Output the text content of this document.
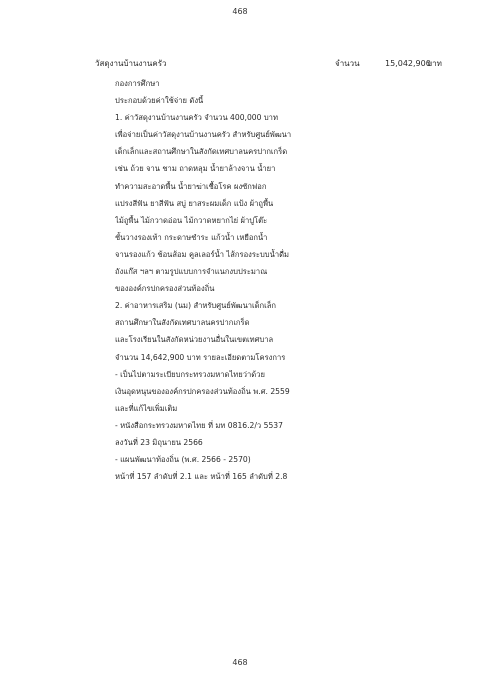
468
วัสดุงานบ้านงานครัว	จำนวน	15,042,900
บาท
กองการศึกษา
ประกอบด้วยค่าใช้จ่าย ดังนี้
1. ค่าวัสดุงานบ้านงานครัว จำนวน 400,000 บาท
เพื่อจ่ายเป็นค่าวัสดุงานบ้านงานครัว สำหรับศูนย์พัฒนา
เด็กเล็กและสถานศึกษาในสังกัดเทศบาลนครปากเกร็ด
เช่น ถ้วย จาน ชาม ถาดหลุม น้ำยาล้างจาน น้ำยา
ทำความสะอาดพื้น น้ำยาฆ่าเชื้อโรค ผงซักฟอก
แปรงสีฟัน ยาสีฟัน สบู่ ยาสระผมเด็ก แป้ง ผ้าถูพื้น
ไม้ถูพื้น ไม้กวาดอ่อน ไม้กวาดหยากไย่ ผ้าปูโต๊ะ
ชั้นวางรองเท้า กระดาษชำระ แก้วน้ำ เหยือกน้ำ
จานรองแก้ว ช้อนส้อม คูลเลอร์น้ำ ไส้กรองระบบน้ำดื่ม
ถังแก๊ส ฯลฯ ตามรูปแบบการจำแนกงบประมาณ
ขององค์กรปกครองส่วนท้องถิ่น
2. ค่าอาหารเสริม (นม) สำหรับศูนย์พัฒนาเด็กเล็ก
สถานศึกษาในสังกัดเทศบาลนครปากเกร็ด
และโรงเรียนในสังกัดหน่วยงานอื่นในเขตเทศบาล
จำนวน 14,642,900 บาท รายละเอียดตามโครงการ
- เป็นไปตามระเบียบกระทรวงมหาดไทยว่าด้วย
เงินอุดหนุนขององค์กรปกครองส่วนท้องถิ่น พ.ศ. 2559
และที่แก้ไขเพิ่มเติม
- หนังสือกระทรวงมหาดไทย ที่ มท 0816.2/ว 5537
ลงวันที่ 23 มิถุนายน 2566
- แผนพัฒนาท้องถิ่น (พ.ศ. 2566 - 2570)
หน้าที่ 157 ลำดับที่ 2.1 และ หน้าที่ 165 ลำดับที่ 2.8
468
